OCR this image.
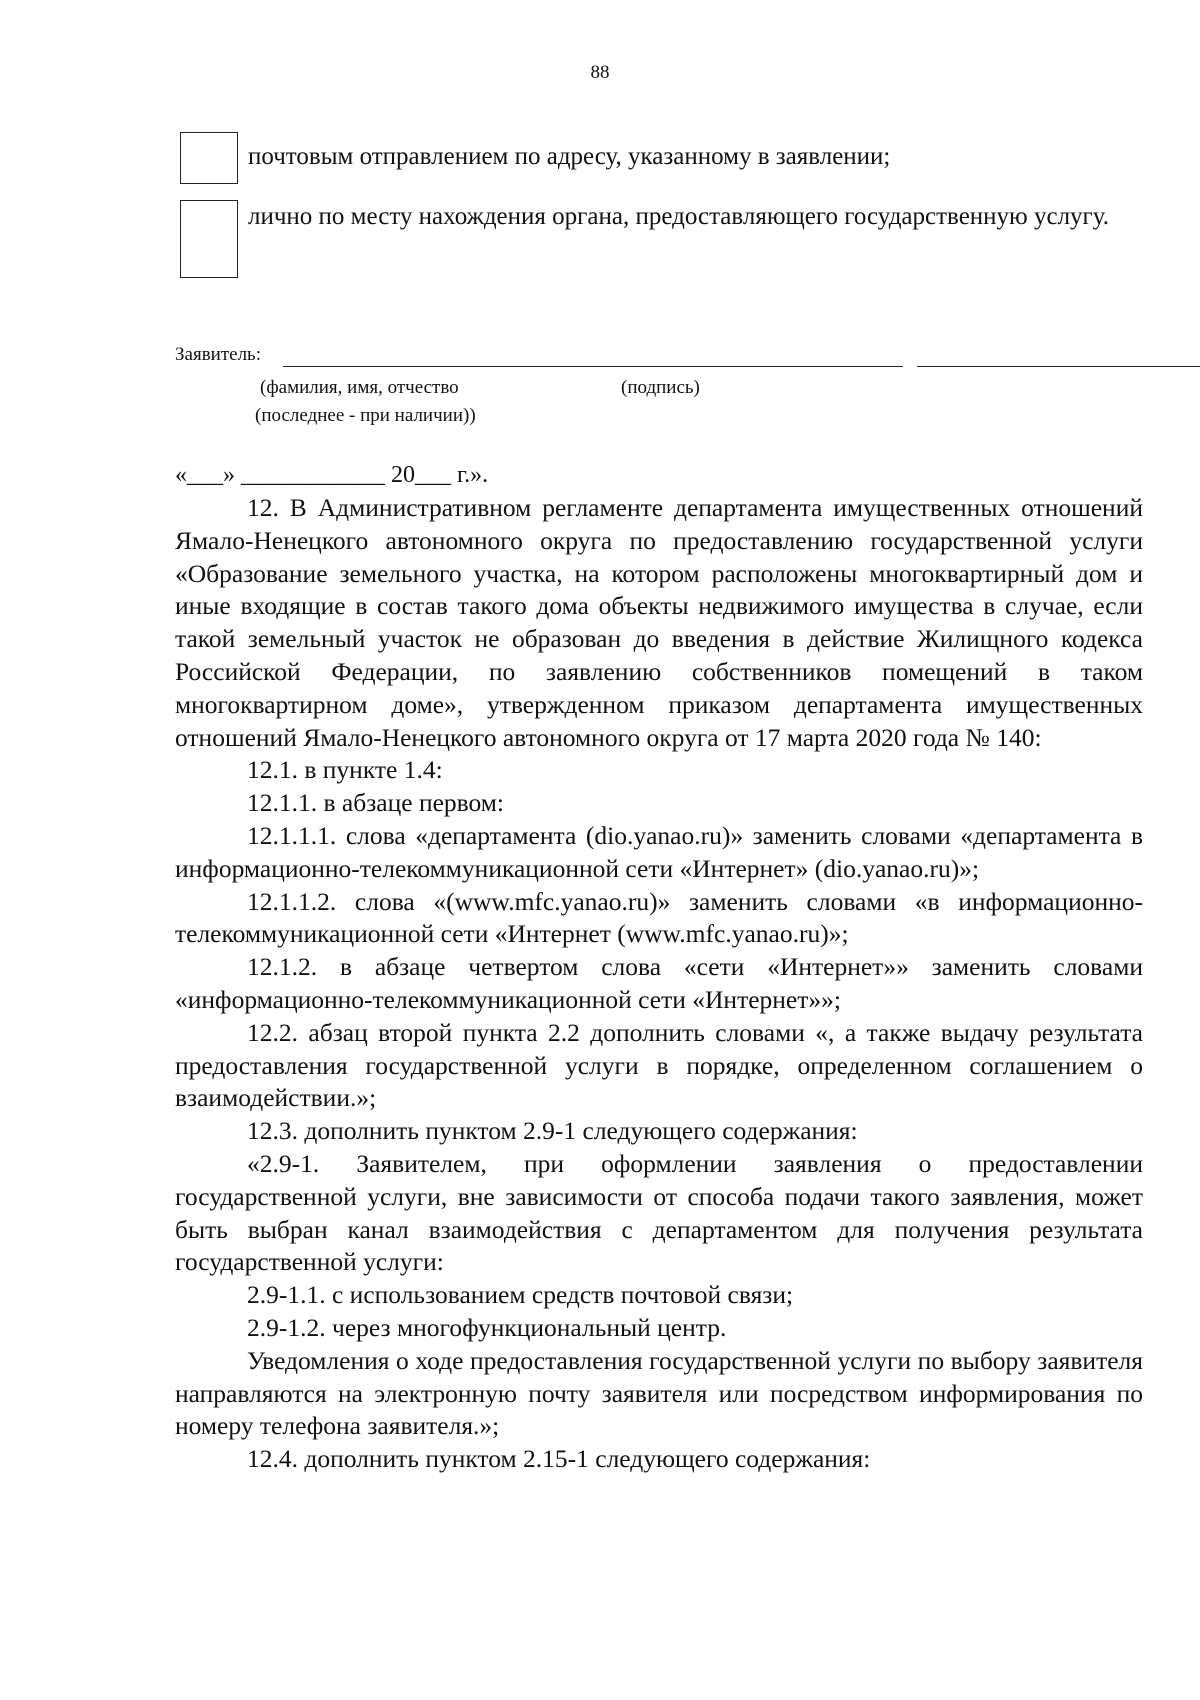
88
почтовым отправлением по адресу, указанному в заявлении;
лично по месту нахождения органа, предоставляющего государственную услугу.
Заявитель:
(фамилия, имя, отчество
(последнее - при наличии))
(подпись)
«___» ____________ 20___ г.».

12. В Административном регламенте департамента имущественных отношений Ямало-Ненецкого автономного округа по предоставлению государственной услуги «Образование земельного участка, на котором расположены многоквартирный дом и иные входящие в состав такого дома объекты недвижимого имущества в случае, если такой земельный участок не образован до введения в действие Жилищного кодекса Российской Федерации, по заявлению собственников помещений в таком многоквартирном доме», утвержденном приказом департамента имущественных отношений Ямало-Ненецкого автономного округа от 17 марта 2020 года № 140:

12.1. в пункте 1.4:

12.1.1. в абзаце первом:

12.1.1.1. слова «департамента (dio.yanao.ru)» заменить словами «департамента в информационно-телекоммуникационной сети «Интернет» (dio.yanao.ru)»;

12.1.1.2. слова «(www.mfc.yanao.ru)» заменить словами «в информационно-телекоммуникационной сети «Интернет (www.mfc.yanao.ru)»;

12.1.2. в абзаце четвертом слова «сети «Интернет»» заменить словами «информационно-телекоммуникационной сети «Интернет»»;

12.2. абзац второй пункта 2.2 дополнить словами «, а также выдачу результата предоставления государственной услуги в порядке, определенном соглашением о взаимодействии.»;

12.3. дополнить пунктом 2.9-1 следующего содержания:

«2.9-1. Заявителем, при оформлении заявления о предоставлении государственной услуги, вне зависимости от способа подачи такого заявления, может быть выбран канал взаимодействия с департаментом для получения результата государственной услуги:

2.9-1.1. с использованием средств почтовой связи;

2.9-1.2. через многофункциональный центр.

Уведомления о ходе предоставления государственной услуги по выбору заявителя направляются на электронную почту заявителя или посредством информирования по номеру телефона заявителя.»;

12.4. дополнить пунктом 2.15-1 следующего содержания:
